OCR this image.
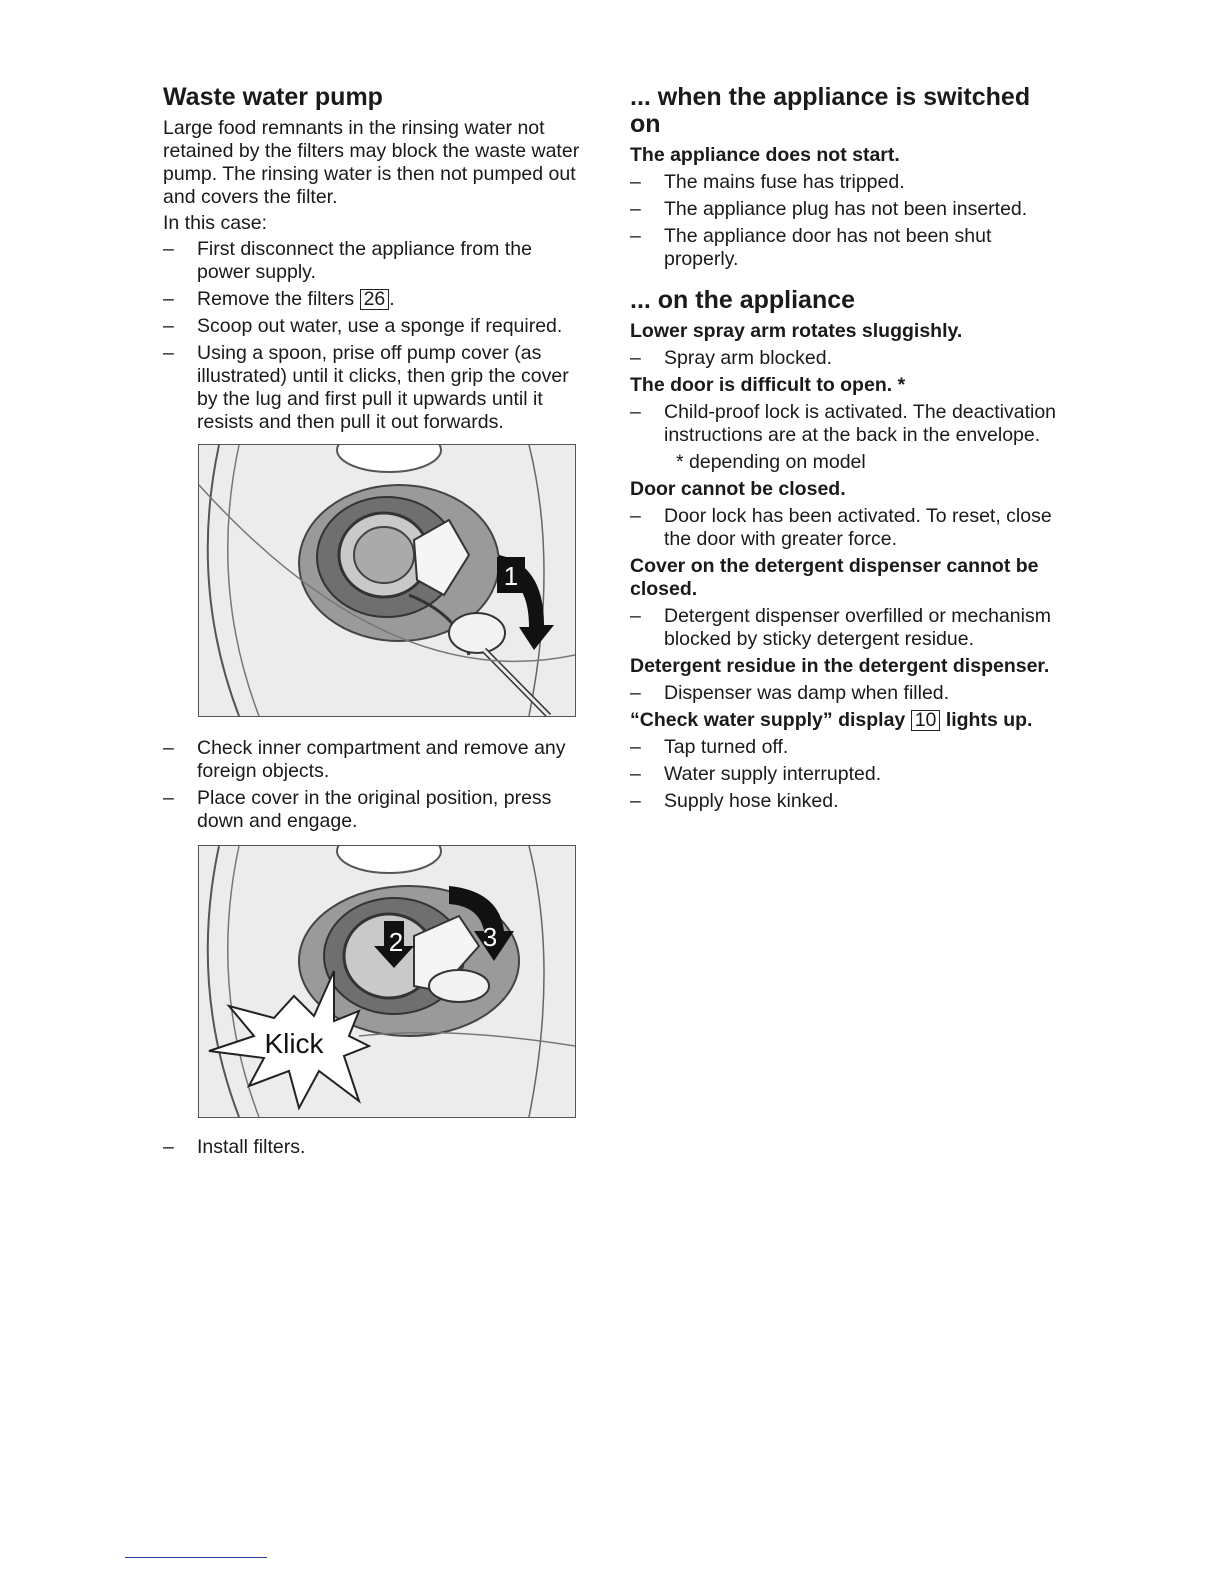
Waste water pump

Large food remnants in the rinsing water not retained by the filters may block the waste water pump. The rinsing water is then not pumped out and covers the filter.

In this case:

– First disconnect the appliance from the power supply.
– Remove the filters 26 .
– Scoop out water, use a sponge if required.
– Using a spoon, prise off pump cover (as illustrated) until it clicks, then grip the cover by the lug and first pull it upwards until it resists and then pull it out forwards.
1
– Check inner compartment and remove any foreign objects.
– Place cover in the original position, press down and engage.
2	3
Klick
– Install filters.
... when the appliance is switched on
The appliance does not start.
– The mains fuse has tripped.
– The appliance plug has not been inserted.
– The appliance door has not been shut properly.
... on the appliance
Lower spray arm rotates sluggishly.
– Spray arm blocked.
The door is difficult to open. *
– Child-proof lock is activated. The deactivation instructions are at the back in the envelope.

* depending on model

Door cannot be closed.
– Door lock has been activated. To reset, close the door with greater force.
Cover on the detergent dispenser cannot be closed.
– Detergent dispenser overfilled or mechanism blocked by sticky detergent residue.
Detergent residue in the detergent dispenser.
– Dispenser was damp when filled.
“Check water supply” display 10 lights up.
– Tap turned off.
– Water supply interrupted.
– Supply hose kinked.
